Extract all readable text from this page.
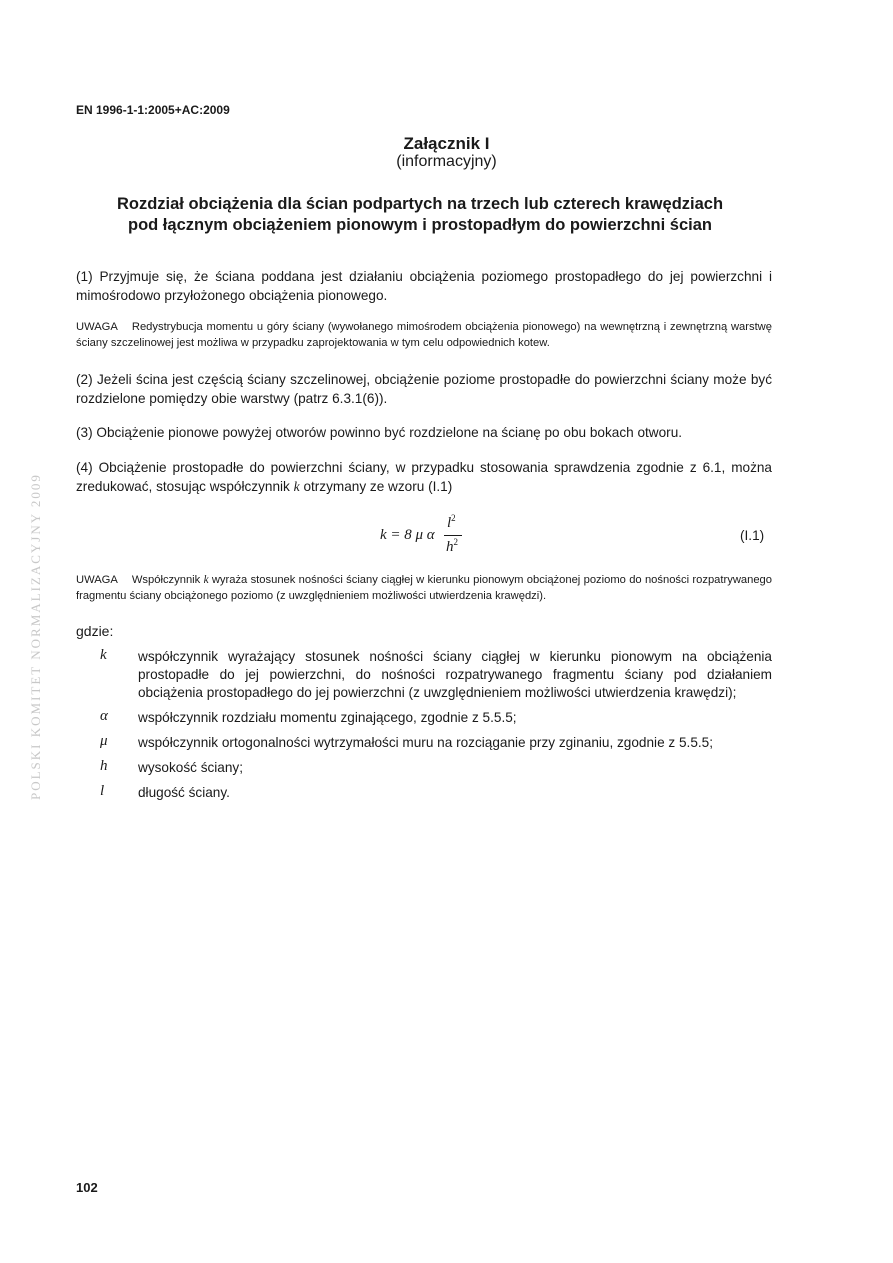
EN 1996-1-1:2005+AC:2009
Załącznik I
(informacyjny)
Rozdział obciążenia dla ścian podpartych na trzech lub czterech krawędziach
pod łącznym obciążeniem pionowym i prostopadłym do powierzchni ścian
(1) Przyjmuje się, że ściana poddana jest działaniu obciążenia poziomego prostopadłego do jej powierzchni i mimośrodowo przyłożonego obciążenia pionowego.
UWAGA Redystrybucja momentu u góry ściany (wywołanego mimośrodem obciążenia pionowego) na wewnętrzną i zewnętrzną warstwę ściany szczelinowej jest możliwa w przypadku zaprojektowania w tym celu odpowiednich kotew.
(2) Jeżeli ścina jest częścią ściany szczelinowej, obciążenie poziome prostopadłe do powierzchni ściany może być rozdzielone pomiędzy obie warstwy (patrz 6.3.1(6)).
(3) Obciążenie pionowe powyżej otworów powinno być rozdzielone na ścianę po obu bokach otworu.
(4) Obciążenie prostopadłe do powierzchni ściany, w przypadku stosowania sprawdzenia zgodnie z 6.1, można zredukować, stosując współczynnik k otrzymany ze wzoru (I.1)
k = 8 μ α
$l^2$
$h^2$	(I.1)
UWAGA Współczynnik k wyraża stosunek nośności ściany ciągłej w kierunku pionowym obciążonej poziomo do nośności rozpatrywanego fragmentu ściany obciążonego poziomo (z uwzględnieniem możliwości utwierdzenia krawędzi).
gdzie:
k współczynnik wyrażający stosunek nośności ściany ciągłej w kierunku pionowym na obciążenia prostopadłe do jej powierzchni, do nośności rozpatrywanego fragmentu ściany pod działaniem obciążenia prostopadłego do jej powierzchni (z uwzględnieniem możliwości utwierdzenia krawędzi);
α współczynnik rozdziału momentu zginającego, zgodnie z 5.5.5;
μ współczynnik ortogonalności wytrzymałości muru na rozciąganie przy zginaniu, zgodnie z 5.5.5;
h wysokość ściany;
l długość ściany.
102
POLSKI KOMITET NORMALIZACYJNY 2009
